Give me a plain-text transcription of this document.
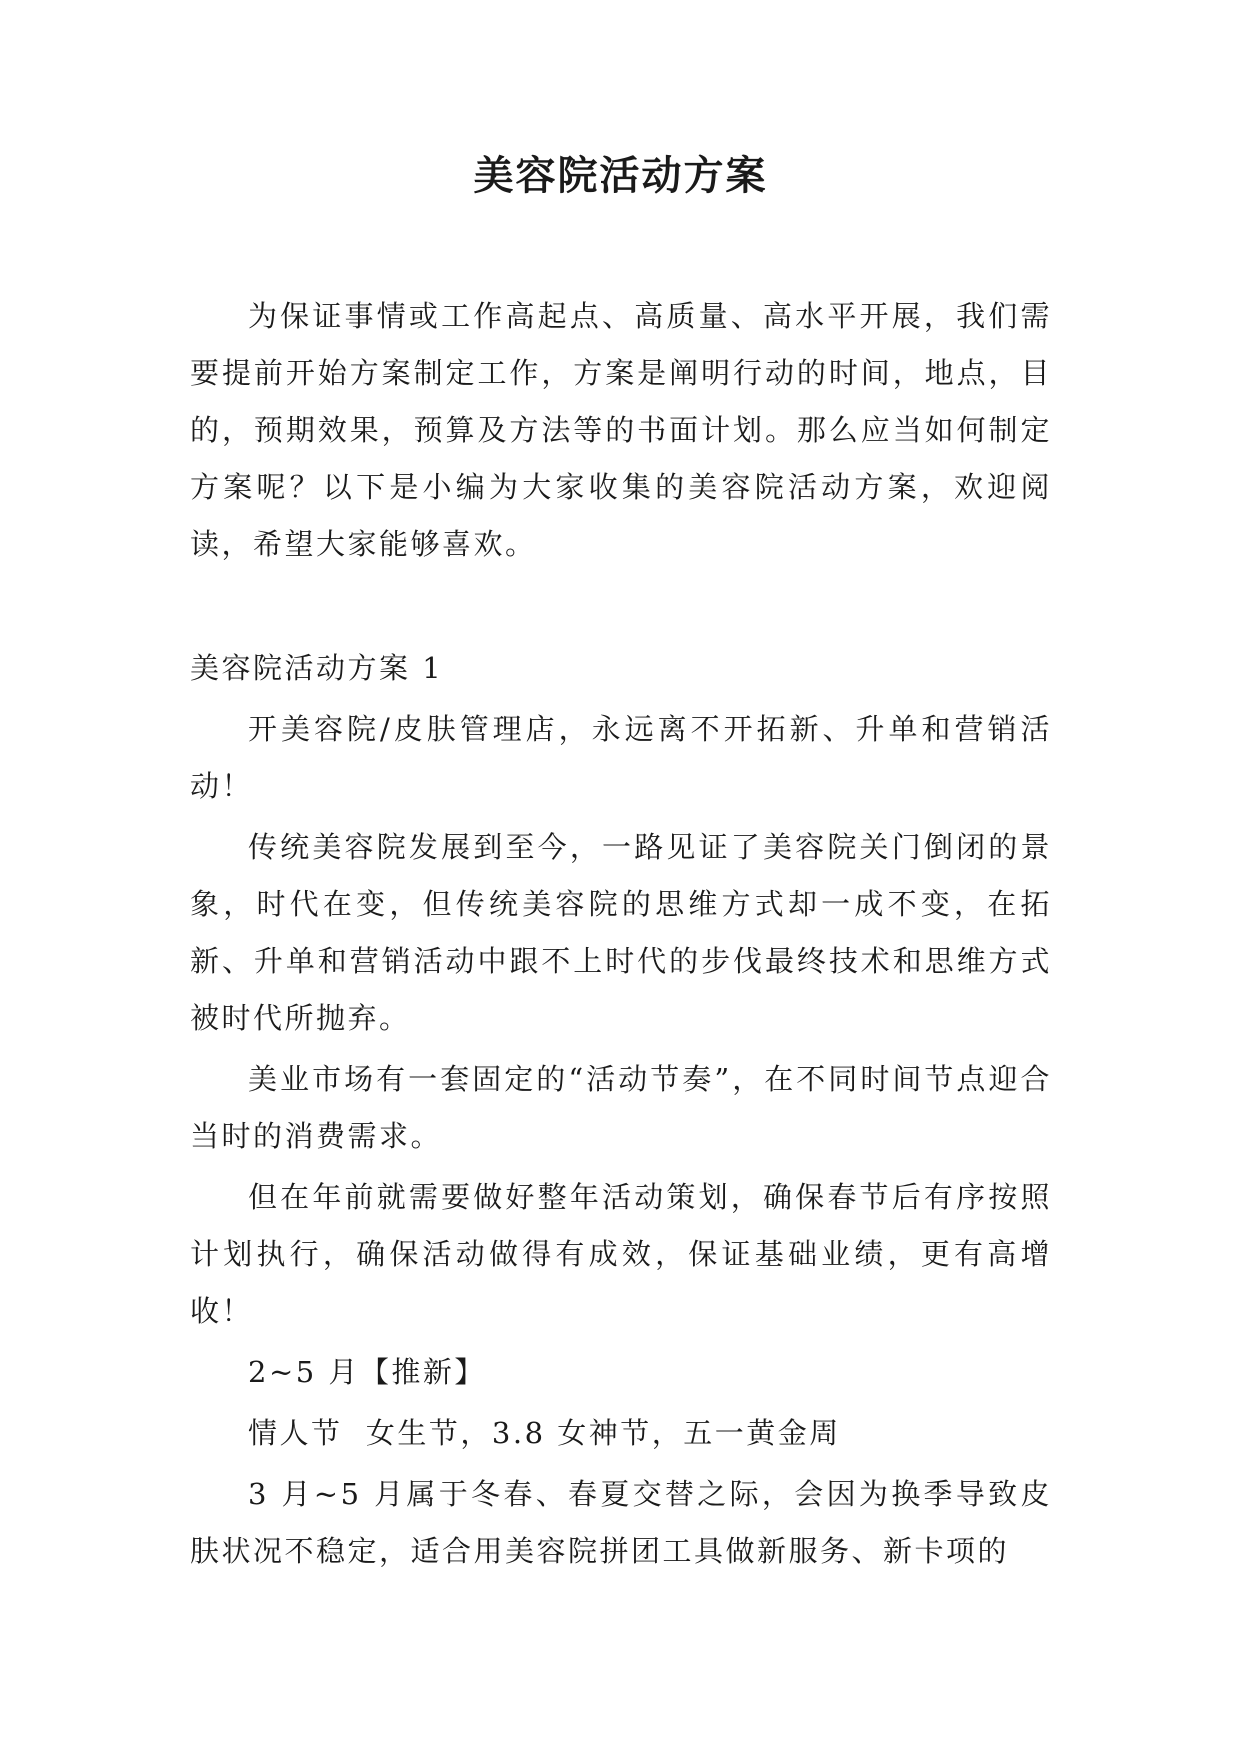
美容院活动方案

为保证事情或工作高起点、高质量、高水平开展，我们需要提前开始方案制定工作，方案是阐明行动的时间，地点，目的，预期效果，预算及方法等的书面计划。那么应当如何制定方案呢？以下是小编为大家收集的美容院活动方案，欢迎阅读，希望大家能够喜欢。

美容院活动方案 1

开美容院/皮肤管理店，永远离不开拓新、升单和营销活动！

传统美容院发展到至今，一路见证了美容院关门倒闭的景象，时代在变，但传统美容院的思维方式却一成不变，在拓新、升单和营销活动中跟不上时代的步伐最终技术和思维方式被时代所抛弃。

美业市场有一套固定的“活动节奏”，在不同时间节点迎合当时的消费需求。

但在年前就需要做好整年活动策划，确保春节后有序按照计划执行，确保活动做得有成效，保证基础业绩，更有高增收！

2~5 月【推新】

情人节  女生节，3.8 女神节，五一黄金周

3 月~5 月属于冬春、春夏交替之际，会因为换季导致皮肤状况不稳定，适合用美容院拼团工具做新服务、新卡项的
